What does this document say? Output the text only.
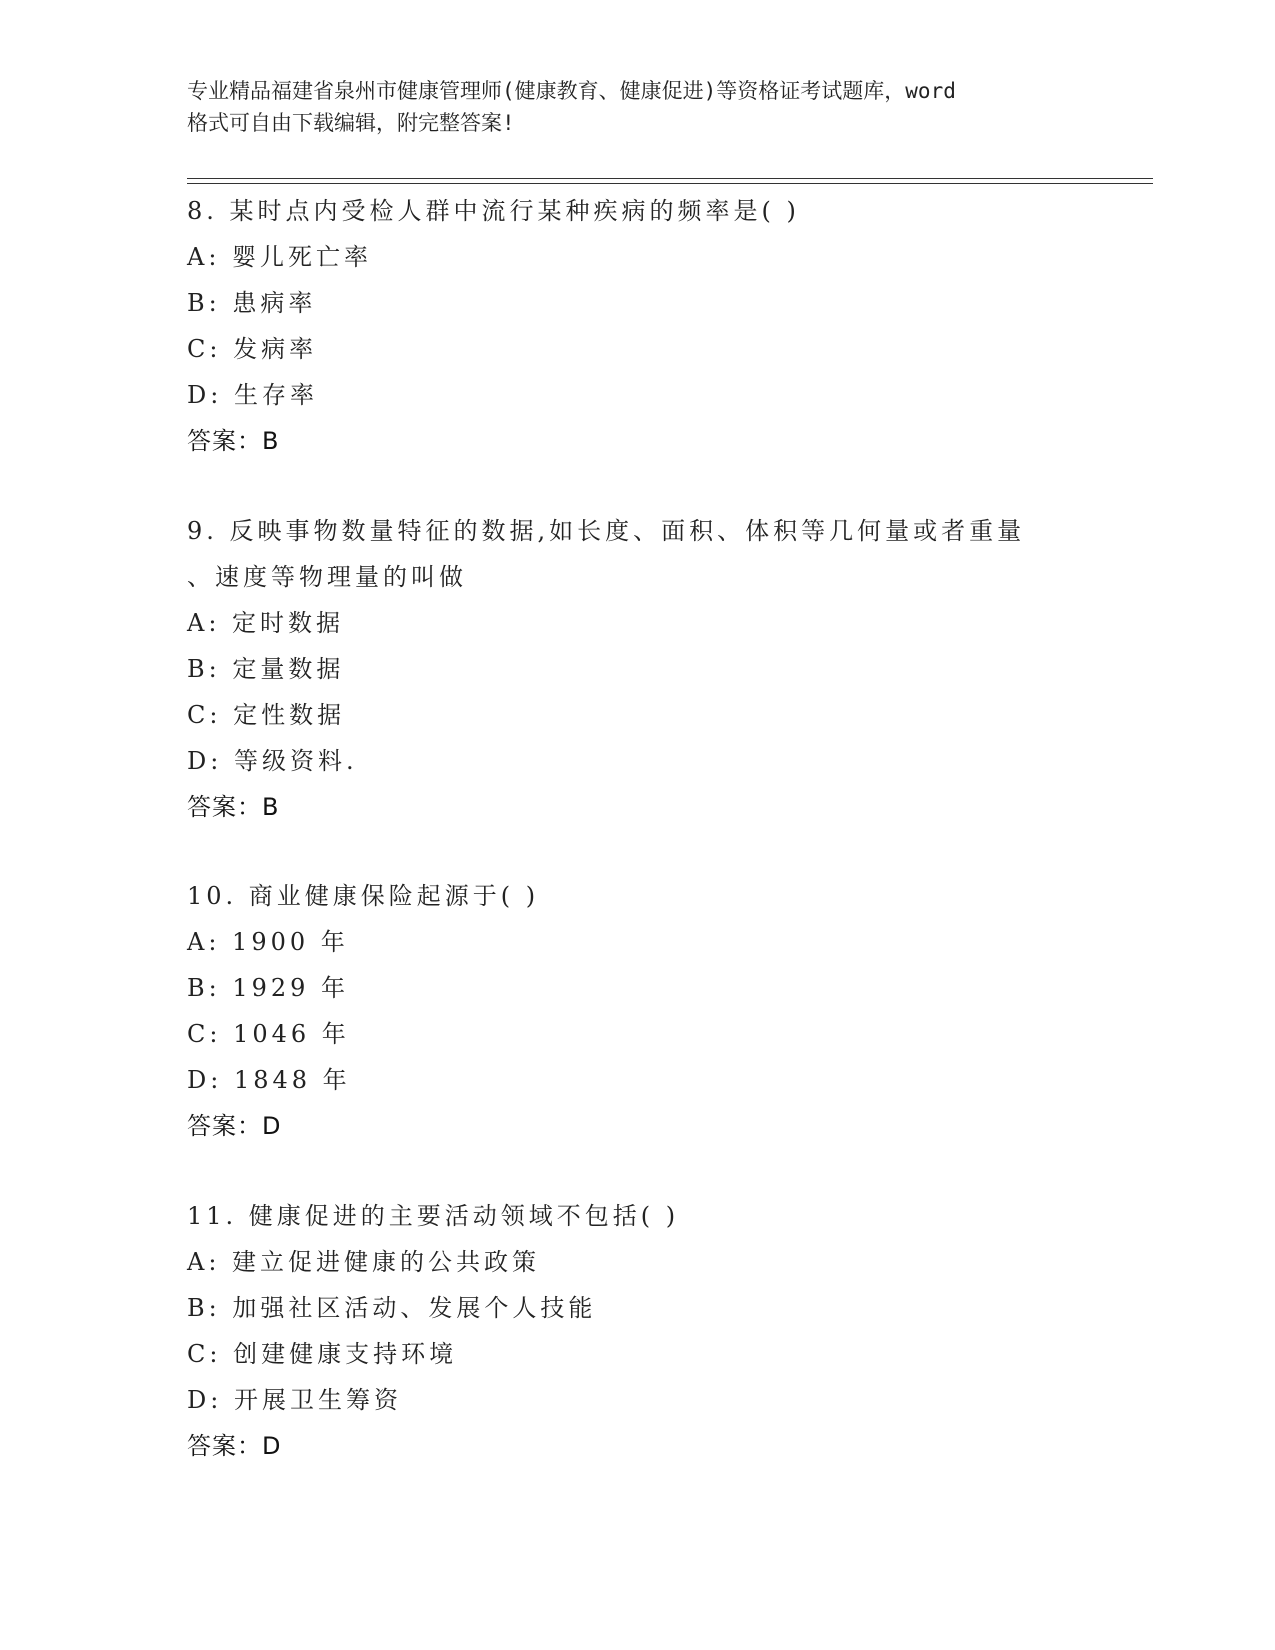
专业精品福建省泉州市健康管理师(健康教育、健康促进)等资格证考试题库，word
格式可自由下载编辑，附完整答案!
8. 某时点内受检人群中流行某种疾病的频率是( )
A: 婴儿死亡率
B: 患病率
C: 发病率
D: 生存率
答案：B
9. 反映事物数量特征的数据,如长度、面积、体积等几何量或者重量
、速度等物理量的叫做
A: 定时数据
B: 定量数据
C: 定性数据
D: 等级资料.
答案：B
10. 商业健康保险起源于( )
A: 1900 年
B: 1929 年
C: 1046 年
D: 1848 年
答案：D
11. 健康促进的主要活动领域不包括( )
A: 建立促进健康的公共政策
B: 加强社区活动、发展个人技能
C: 创建健康支持环境
D: 开展卫生筹资
答案：D
